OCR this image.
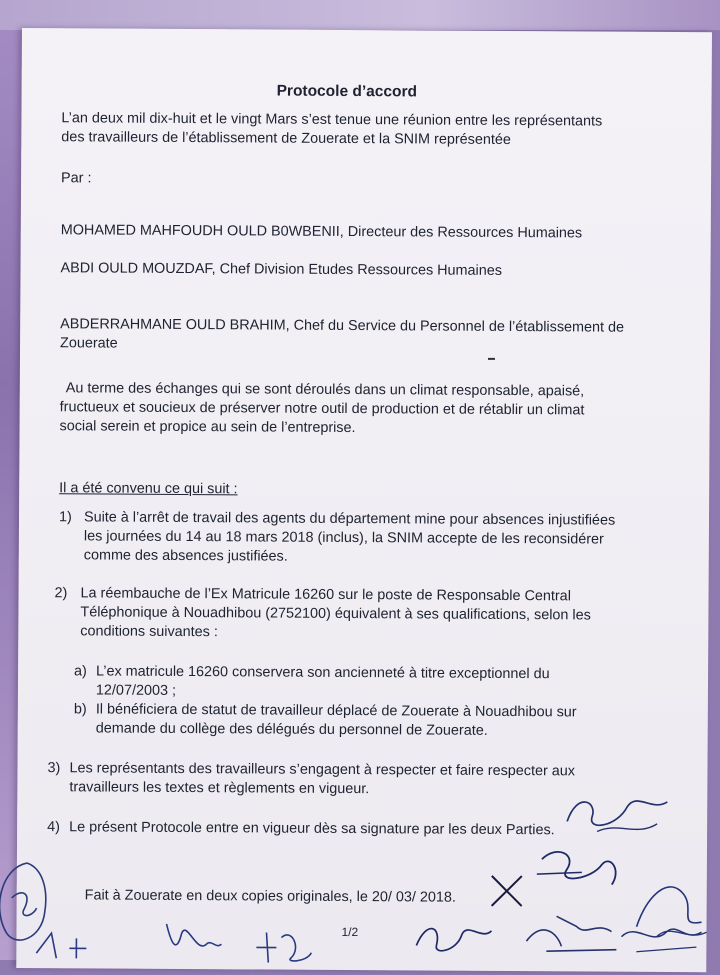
Protocole d’accord
L’an deux mil dix-huit et le vingt Mars s’est tenue une réunion entre les représentants
des travailleurs de l’établissement de Zouerate et la SNIM représentée
Par :
MOHAMED MAHFOUDH OULD B0WBENII, Directeur des Ressources Humaines
ABDI OULD MOUZDAF, Chef Division Etudes Ressources Humaines
ABDERRAHMANE OULD BRAHIM, Chef du Service du Personnel de l’établissement de
Zouerate
Au terme des échanges qui se sont déroulés dans un climat responsable, apaisé,
fructueux et soucieux de préserver notre outil de production et de rétablir un climat
social serein et propice au sein de l’entreprise.
Il a été convenu ce qui suit :
1) Suite à l’arrêt de travail des agents du département mine pour absences injustifiées
les journées du 14 au 18 mars 2018 (inclus), la SNIM accepte de les reconsidérer
comme des absences justifiées.
2) La réembauche de l’Ex Matricule 16260 sur le poste de Responsable Central
Téléphonique à Nouadhibou (2752100) équivalent à ses qualifications, selon les
conditions suivantes :
a) L’ex matricule 16260 conservera son ancienneté à titre exceptionnel du
12/07/2003 ;
b) Il bénéficiera de statut de travailleur déplacé de Zouerate à Nouadhibou sur
demande du collège des délégués du personnel de Zouerate.
3) Les représentants des travailleurs s’engagent à respecter et faire respecter aux
travailleurs les textes et règlements en vigueur.
4) Le présent Protocole entre en vigueur dès sa signature par les deux Parties.
Fait à Zouerate en deux copies originales, le 20/ 03/ 2018.
1/2
